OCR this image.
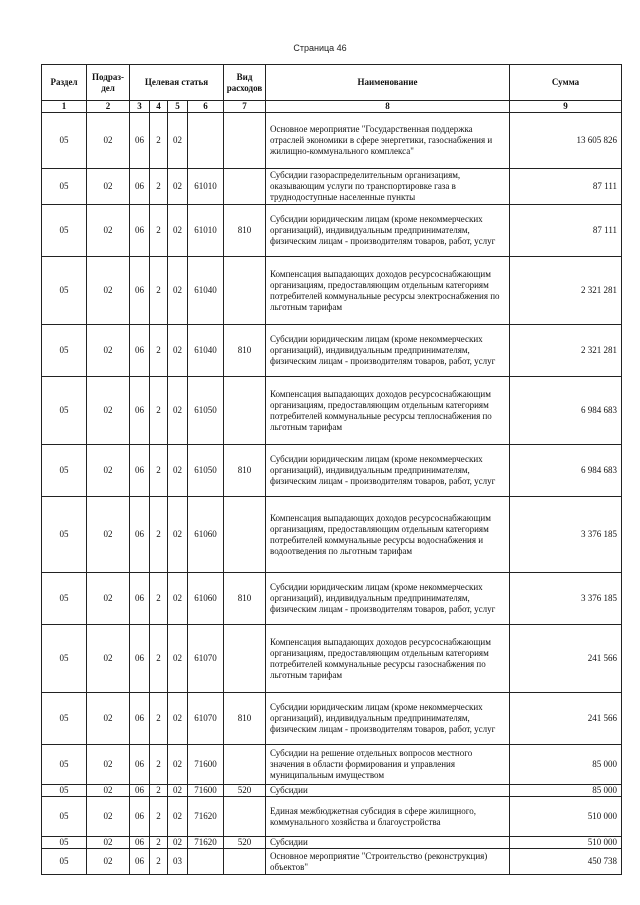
Страница 46
Раздел	Подраз-дел	Целевая статья				Вид расходов	Наименование	Сумма
1	2	3	4	5	6	7	8	9
05	02	06	2	02			Основное мероприятие "Государственная поддержка отраслей экономики в сфере энергетики, газоснабжения и жилищно-коммунального комплекса"	13 605 826
05	02	06	2	02	61010		Субсидии газораспределительным организациям, оказывающим услуги по транспортировке газа в труднодоступные населенные пункты	87 111
05	02	06	2	02	61010	810	Субсидии юридическим лицам (кроме некоммерческих организаций), индивидуальным предпринимателям, физическим лицам - производителям товаров, работ, услуг	87 111
05	02	06	2	02	61040		Компенсация выпадающих доходов ресурсоснабжающим организациям, предоставляющим отдельным категориям потребителей коммунальные ресурсы электроснабжения по льготным тарифам	2 321 281
05	02	06	2	02	61040	810	Субсидии юридическим лицам (кроме некоммерческих организаций), индивидуальным предпринимателям, физическим лицам - производителям товаров, работ, услуг	2 321 281
05	02	06	2	02	61050		Компенсация выпадающих доходов ресурсоснабжающим организациям, предоставляющим отдельным категориям потребителей коммунальные ресурсы теплоснабжения по льготным тарифам	6 984 683
05	02	06	2	02	61050	810	Субсидии юридическим лицам (кроме некоммерческих организаций), индивидуальным предпринимателям, физическим лицам - производителям товаров, работ, услуг	6 984 683
05	02	06	2	02	61060		Компенсация выпадающих доходов ресурсоснабжающим организациям, предоставляющим отдельным категориям потребителей коммунальные ресурсы водоснабжения и водоотведения по льготным тарифам	3 376 185
05	02	06	2	02	61060	810	Субсидии юридическим лицам (кроме некоммерческих организаций), индивидуальным предпринимателям, физическим лицам - производителям товаров, работ, услуг	3 376 185
05	02	06	2	02	61070		Компенсация выпадающих доходов ресурсоснабжающим организациям, предоставляющим отдельным категориям потребителей коммунальные ресурсы газоснабжения по льготным тарифам	241 566
05	02	06	2	02	61070	810	Субсидии юридическим лицам (кроме некоммерческих организаций), индивидуальным предпринимателям, физическим лицам - производителям товаров, работ, услуг	241 566
05	02	06	2	02	71600		Субсидии на решение отдельных вопросов местного значения в области формирования и управления муниципальным имуществом	85 000
05	02	06	2	02	71600	520	Субсидии	85 000
05	02	06	2	02	71620		Единая межбюджетная субсидия в сфере жилищного, коммунального хозяйства и благоустройства	510 000
05	02	06	2	02	71620	520	Субсидии	510 000
05	02	06	2	03			Основное мероприятие "Строительство (реконструкция) объектов"	450 738
